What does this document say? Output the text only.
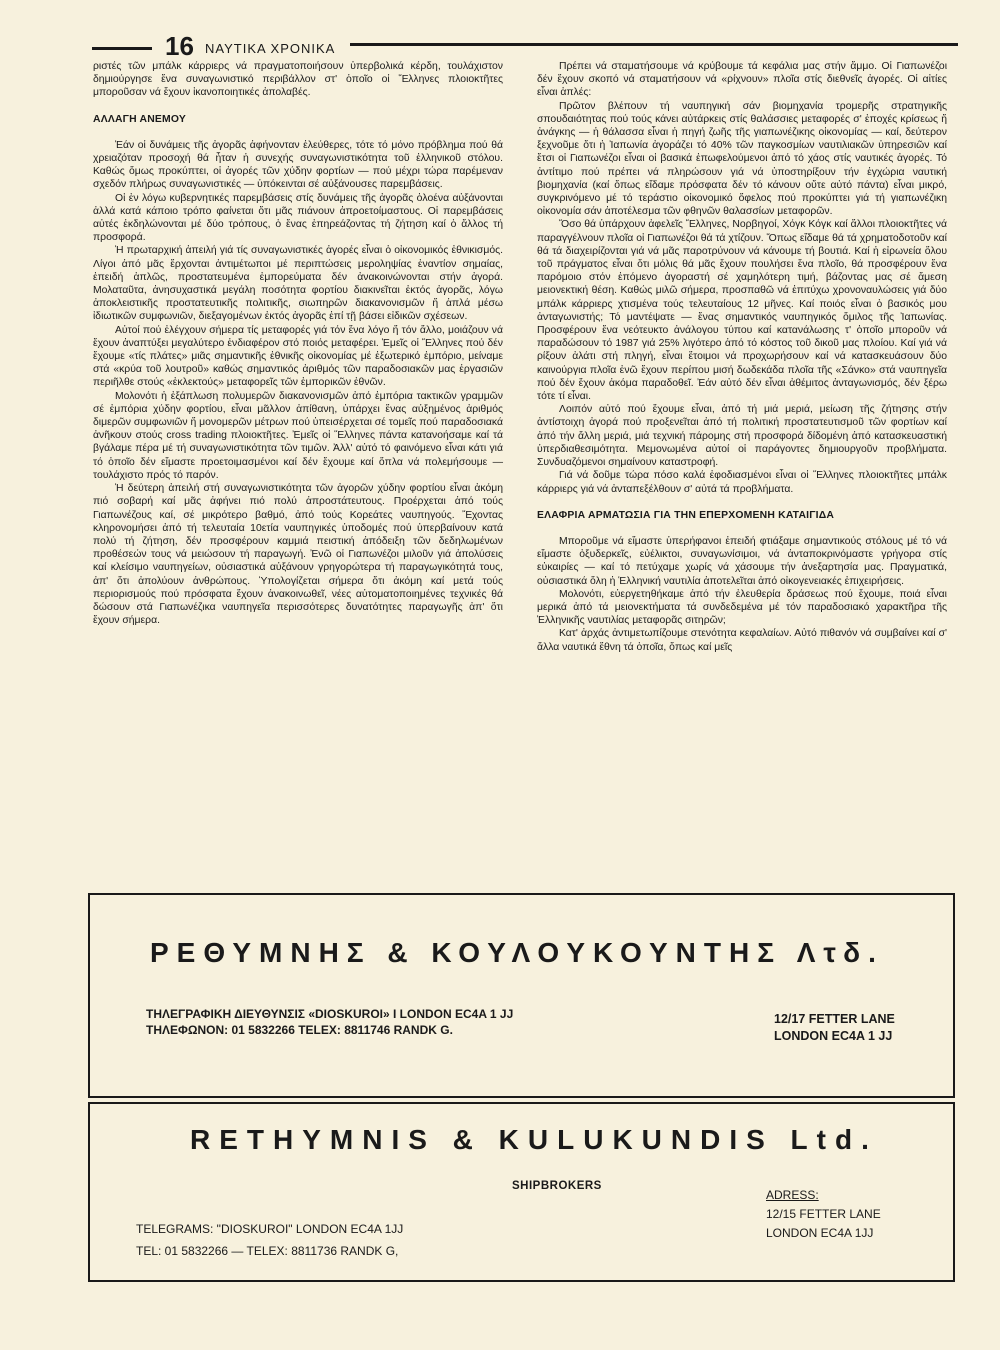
16 ΝΑΥΤΙΚΑ ΧΡΟΝΙΚΑ

ριστές τῶν μπάλκ κάρριερς νά πραγματοποιήσουν ὑπερβολικά κέρδη, τουλάχιστον δημιούργησε ἕνα συναγωνιστικό περιβάλλον στ' ὁποῖο οἱ Ἕλληνες πλοιοκτῆτες μποροῦσαν νά ἔχουν ἱκανοποιητικές ἀπολαβές.

ΑΛΛΑΓΗ ΑΝΕΜΟΥ

Ἐάν οἱ δυνάμεις τῆς ἀγορᾶς ἀφήνονταν ἐλεύθερες, τότε τό μόνο πρόβλημα πού θά χρειαζόταν προσοχή θά ἦταν ἡ συνεχής συναγωνιστικότητα τοῦ ἑλληνικοῦ στόλου. Καθώς ὅμως προκύπτει, οἱ ἀγορές τῶν χύδην φορτίων — πού μέχρι τώρα παρέμεναν σχεδόν πλήρως συναγωνιστικές — ὑπόκεινται σέ αὐξάνουσες παρεμβάσεις.

Οἱ ἐν λόγω κυβερνητικές παρεμβάσεις στίς δυνάμεις τῆς ἀγορᾶς ὁλοένα αὐξάνονται ἀλλά κατά κάποιο τρόπο φαίνεται ὅτι μᾶς πιάνουν ἀπροετοίμαστους. Οἱ παρεμβάσεις αὐτές ἐκδηλώνονται μέ δύο τρόπους, ὁ ἕνας ἐπηρεάζοντας τή ζήτηση καί ὁ ἄλλος τή προσφορά.

Ἡ πρωταρχική ἀπειλή γιά τίς συναγωνιστικές ἀγορές εἶναι ὁ οἰκονομικός ἐθνικισμός. Λίγοι ἀπό μᾶς ἔρχονται ἀντιμέτωποι μέ περιπτώσεις μεροληψίας ἐναντίον σημαίας, ἐπειδή ἁπλῶς, προστατευμένα ἐμπορεύματα δέν ἀνακοινώνονται στήν ἀγορά. Μολαταῦτα, ἀνησυχαστικά μεγάλη ποσότητα φορτίου διακινεῖται ἐκτός ἀγορᾶς, λόγω ἀποκλειστικῆς προστατευτικῆς πολιτικῆς, σιωπηρῶν διακανονισμῶν ἤ ἁπλά μέσω ἰδιωτικῶν συμφωνιῶν, διεξαγομένων ἐκτός ἀγορᾶς ἐπί τῇ βάσει εἰδικῶν σχέσεων.

Αὐτοί πού ἐλέγχουν σήμερα τίς μεταφορές γιά τόν ἕνα λόγο ἤ τόν ἄλλο, μοιάζουν νά ἔχουν ἀναπτύξει μεγαλύτερο ἐνδιαφέρον στό ποιός μεταφέρει. Ἐμεῖς οἱ Ἕλληνες πού δέν ἔχουμε «τίς πλάτες» μιᾶς σημαντικῆς ἐθνικῆς οἰκονομίας μέ ἐξωτερικό ἐμπόριο, μείναμε στά «κρύα τοῦ λουτροῦ» καθώς σημαντικός ἀριθμός τῶν παραδοσιακῶν μας ἐργασιῶν περιῆλθε στούς «ἐκλεκτούς» μεταφορεῖς τῶν ἐμπορικῶν ἐθνῶν.

Μολονότι ἡ ἐξάπλωση πολυμερῶν διακανονισμῶν ἀπό ἐμπόρια τακτικῶν γραμμῶν σέ ἐμπόρια χύδην φορτίου, εἶναι μᾶλλον ἀπίθανη, ὑπάρχει ἕνας αὐξημένος ἀριθμός διμερῶν συμφωνιῶν ἤ μονομερῶν μέτρων πού ὑπεισέρχεται σέ τομεῖς πού παραδοσιακά ἀνῆκουν στούς cross trading πλοιοκτῆτες. Ἐμεῖς οἱ Ἕλληνες πάντα κατανοήσαμε καί τά βγάλαμε πέρα μέ τή συναγωνιστικότητα τῶν τιμῶν. Ἀλλ' αὐτό τό φαινόμενο εἶναι κάτι γιά τό ὁποῖο δέν εἴμαστε προετοιμασμένοι καί δέν ἔχουμε καί ὅπλα νά πολεμήσουμε — τουλάχιστο πρός τό παρόν.

Ἡ δεύτερη ἀπειλή στή συναγωνιστικότητα τῶν ἀγορῶν χύδην φορτίου εἶναι ἀκόμη πιό σοβαρή καί μᾶς ἀφήνει πιό πολύ ἀπροστάτευτους. Προέρχεται ἀπό τούς Γιαπωνέζους καί, σέ μικρότερο βαθμό, ἀπό τούς Κορεάτες ναυπηγούς. Ἔχοντας κληρονομήσει ἀπό τή τελευταία 10ετία ναυπηγικές ὑποδομές πού ὑπερβαίνουν κατά πολύ τή ζήτηση, δέν προσφέρουν καμμιά πειστική ἀπόδειξη τῶν δεδηλωμένων προθέσεών τους νά μειώσουν τή παραγωγή. Ἐνῶ οἱ Γιαπωνέζοι μιλοῦν γιά ἀπολύσεις καί κλείσιμο ναυπηγείων, οὐσιαστικά αὐξάνουν γρηγορώτερα τή παραγωγικότητά τους, ἀπ' ὅτι ἀπολύουν ἀνθρώπους. Ὑπολογίζεται σήμερα ὅτι ἀκόμη καί μετά τούς περιορισμούς πού πρόσφατα ἔχουν ἀνακοινωθεῖ, νέες αὐτοματοποιημένες τεχνικές θά δώσουν στά Γιαπωνέζικα ναυπηγεῖα περισσότερες δυνατότητες παραγωγῆς ἀπ' ὅτι ἔχουν σήμερα.

Πρέπει νά σταματήσουμε νά κρύβουμε τά κεφάλια μας στήν ἄμμο. Οἱ Γιαπωνέζοι δέν ἔχουν σκοπό νά σταματήσουν νά «ρίχνουν» πλοῖα στίς διεθνεῖς ἀγορές. Οἱ αἰτίες εἶναι ἁπλές:

Πρῶτον βλέπουν τή ναυπηγική σάν βιομηχανία τρομερῆς στρατηγικῆς σπουδαιότητας πού τούς κάνει αὐτάρκεις στίς θαλάσσιες μεταφορές σ' ἐποχές κρίσεως ἤ ἀνάγκης — ἡ θάλασσα εἶναι ἡ πηγή ζωῆς τῆς γιαπωνέζικης οἰκονομίας — καί, δεύτερον ξεχνοῦμε ὅτι ἡ Ἰαπωνία ἀγοράζει τό 40% τῶν παγκοσμίων ναυτιλιακῶν ὑπηρεσιῶν καί ἔτσι οἱ Γιαπωνέζοι εἶναι οἱ βασικά ἐπωφελούμενοι ἀπό τό χάος στίς ναυτικές ἀγορές. Τό ἀντίτιμο πού πρέπει νά πληρώσουν γιά νά ὑποστηρίξουν τήν ἐγχώρια ναυτική βιομηχανία (καί ὅπως εἴδαμε πρόσφατα δέν τό κάνουν οὔτε αὐτό πάντα) εἶναι μικρό, συγκρινόμενο μέ τό τεράστιο οἰκονομικό ὄφελος πού προκύπτει γιά τή γιαπωνέζικη οἰκονομία σάν ἀποτέλεσμα τῶν φθηνῶν θαλασσίων μεταφορῶν.

Ὅσο θά ὑπάρχουν ἀφελεῖς Ἕλληνες, Νορβηγοί, Χόγκ Κόγκ καί ἄλλοι πλοιοκτῆτες νά παραγγέλνουν πλοῖα οἱ Γιαπωνέζοι θά τά χτίζουν. Ὅπως εἴδαμε θά τά χρηματοδοτοῦν καί θά τά διαχειρίζονται γιά νά μᾶς παροτρύνουν νά κάνουμε τή βουτιά. Καί ἡ εἰρωνεία ὅλου τοῦ πράγματος εἶναι ὅτι μόλις θά μᾶς ἔχουν πουλήσει ἕνα πλοῖο, θά προσφέρουν ἕνα παρόμοιο στόν ἑπόμενο ἀγοραστή σέ χαμηλότερη τιμή, βάζοντας μας σέ ἄμεση μειονεκτική θέση. Καθώς μιλῶ σήμερα, προσπαθῶ νά ἐπιτύχω χρονοναυλώσεις γιά δύο μπάλκ κάρριερς χτισμένα τούς τελευταίους 12 μῆνες. Καί ποιός εἶναι ὁ βασικός μου ἀνταγωνιστής; Τό μαντέψατε — ἕνας σημαντικός ναυπηγικός ὅμιλος τῆς Ἰαπωνίας. Προσφέρουν ἕνα νεότευκτο ἀνάλογου τύπου καί κατανάλωσης τ' ὁποῖο μποροῦν νά παραδώσουν τό 1987 γιά 25% λιγότερο ἀπό τό κόστος τοῦ δικοῦ μας πλοίου. Καί γιά νά ρίξουν ἀλάτι στή πληγή, εἶναι ἕτοιμοι νά προχωρήσουν καί νά κατασκευάσουν δύο καινούργια πλοῖα ἐνῶ ἔχουν περίπου μισή δωδεκάδα πλοῖα τῆς «Σάνκο» στά ναυπηγεῖα πού δέν ἔχουν ἀκόμα παραδοθεῖ. Ἐάν αὐτό δέν εἶναι ἀθέμιτος ἀνταγωνισμός, δέν ξέρω τότε τί εἶναι.

Λοιπόν αὐτό πού ἔχουμε εἶναι, ἀπό τή μιά μεριά, μείωση τῆς ζήτησης στήν ἀντίστοιχη ἀγορά πού προξενεῖται ἀπό τή πολιτική προστατευτισμοῦ τῶν φορτίων καί ἀπό τήν ἄλλη μεριά, μιά τεχνική πάρομης στή προσφορά δίδομένη ἀπό κατασκευαστική ὑπερδιαθεσιμότητα. Μεμονωμένα αὐτοί οἱ παράγοντες δημιουργοῦν προβλήματα. Συνδυαζόμενοι σημαίνουν καταστροφή.

Γιά νά δοῦμε τώρα πόσο καλά ἐφοδιασμένοι εἶναι οἱ Ἕλληνες πλοιοκτῆτες μπάλκ κάρριερς γιά νά ἀνταπεξέλθουν σ' αὐτά τά προβλήματα.

ΕΛΑΦΡΙΑ ΑΡΜΑΤΩΣΙΑ ΓΙΑ ΤΗΝ ΕΠΕΡΧΟΜΕΝΗ ΚΑΤΑΙΓΙΔΑ

Μποροῦμε νά εἴμαστε ὑπερήφανοι ἐπειδή φτιάξαμε σημαντικούς στόλους μέ τό νά εἴμαστε ὀξυδερκεῖς, εὐέλικτοι, συναγωνίσιμοι, νά ἀνταποκρινόμαστε γρήγορα στίς εὐκαιρίες — καί τό πετύχαμε χωρίς νά χάσουμε τήν ἀνεξαρτησία μας. Πραγματικά, οὐσιαστικά ὅλη ἡ Ἑλληνική ναυτιλία ἀποτελεῖται ἀπό οἰκογενειακές ἐπιχειρήσεις.

Μολονότι, εὐεργετηθήκαμε ἀπό τήν ἐλευθερία δράσεως πού ἔχουμε, ποιά εἶναι μερικά ἀπό τά μειονεκτήματα τά συνδεδεμένα μέ τόν παραδοσιακό χαρακτῆρα τῆς Ἑλληνικῆς ναυτιλίας μεταφορᾶς σιτηρῶν;

Κατ' ἀρχάς ἀντιμετωπίζουμε στενότητα κεφαλαίων. Αὐτό πιθανόν νά συμβαίνει καί σ' ἄλλα ναυτικά ἔθνη τά ὁποῖα, ὅπως καί μεῖς

ΡΕΘΥΜΝΗΣ & ΚΟΥΛΟΥΚΟΥΝΤΗΣ Λτδ.
ΤΗΛΕΓΡΑΦΙΚΗ ΔΙΕΥΘΥΝΣΙΣ «DIOSKUROI» Ι LONDON EC4A 1 JJ
ΤΗΛΕΦΩΝΟΝ: 01 5832266 TELEX: 8811746 RANDK G.
12/17 FETTER LANE
LONDON EC4A 1 JJ
RETHYMNIS & KULUKUNDIS Ltd.
SHIPBROKERS
TELEGRAMS: "DIOSKUROI" LONDON EC4A 1JJ
TEL: 01 5832266 — TELEX: 8811736 RANDK G,
ADRESS:
12/15 FETTER LANE
LONDON EC4A 1JJ
